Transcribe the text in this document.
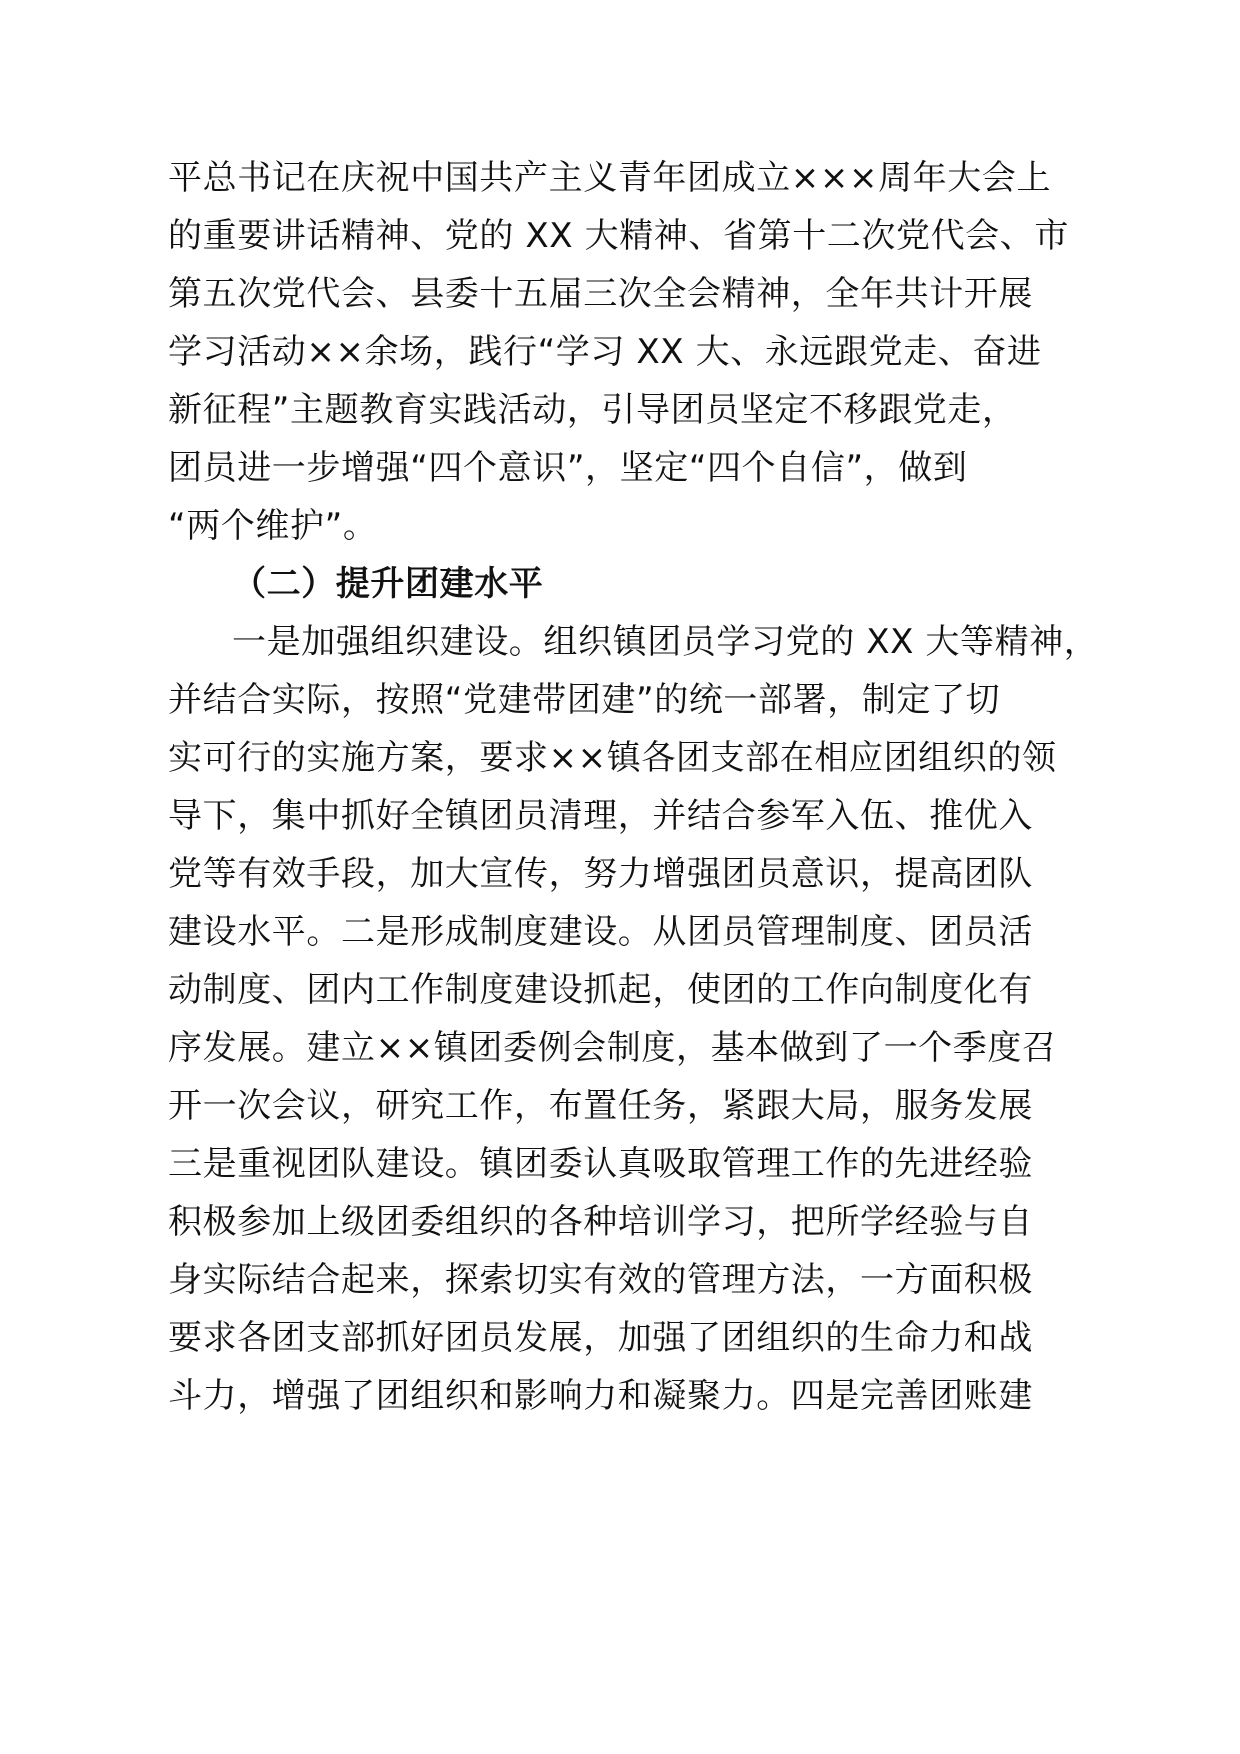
平总书记在庆祝中国共产主义青年团成立×××周年大会上
的重要讲话精神、党的 XX 大精神、省第十二次党代会、市
第五次党代会、县委十五届三次全会精神，全年共计开展
学习活动××余场，践行“学习 XX 大、永远跟党走、奋进
新征程”主题教育实践活动，引导团员坚定不移跟党走，
团员进一步增强“四个意识”，坚定“四个自信”，做到
“两个维护”。
（二）提升团建水平
一是加强组织建设。组织镇团员学习党的 XX 大等精神，
并结合实际，按照“党建带团建”的统一部署，制定了切
实可行的实施方案，要求××镇各团支部在相应团组织的领
导下，集中抓好全镇团员清理，并结合参军入伍、推优入
党等有效手段，加大宣传，努力增强团员意识，提高团队
建设水平。二是形成制度建设。从团员管理制度、团员活
动制度、团内工作制度建设抓起，使团的工作向制度化有
序发展。建立××镇团委例会制度，基本做到了一个季度召
开一次会议，研究工作，布置任务，紧跟大局，服务发展
三是重视团队建设。镇团委认真吸取管理工作的先进经验
积极参加上级团委组织的各种培训学习，把所学经验与自
身实际结合起来，探索切实有效的管理方法，一方面积极
要求各团支部抓好团员发展，加强了团组织的生命力和战
斗力，增强了团组织和影响力和凝聚力。四是完善团账建
